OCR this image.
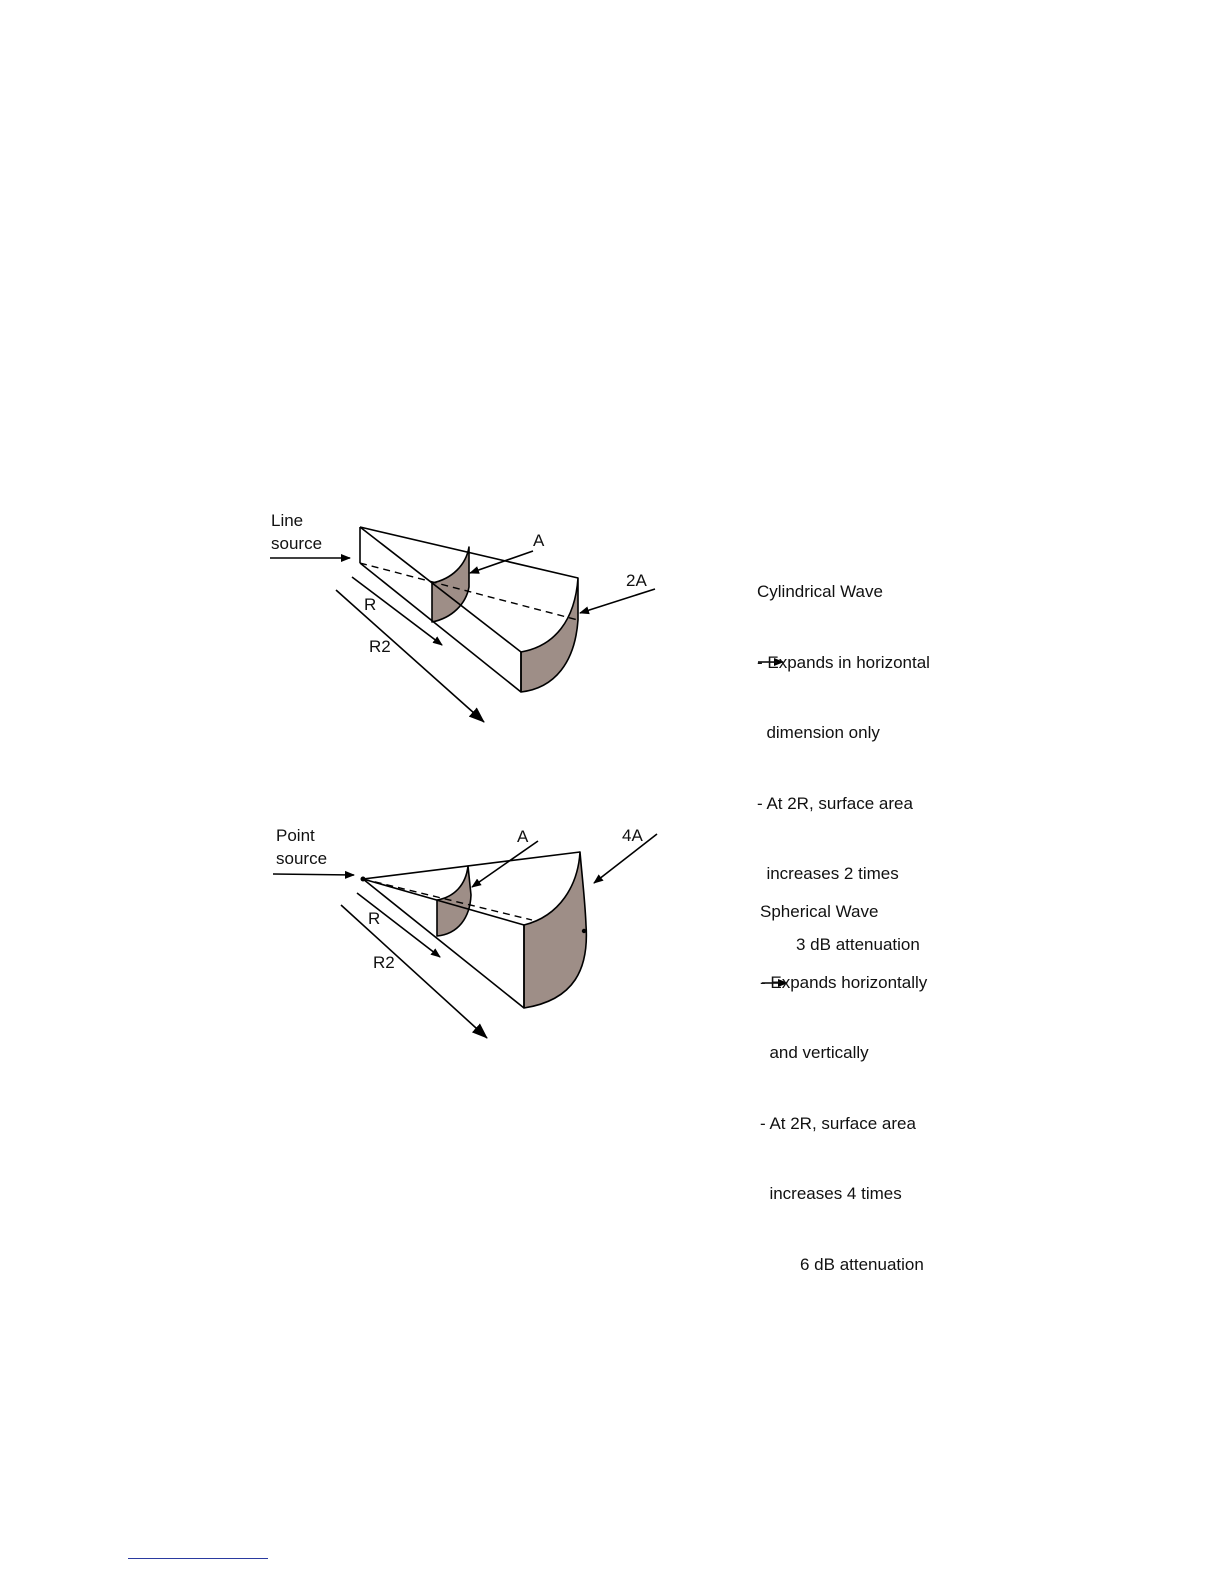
Line
source
R
R2
A
2A
Point
source
R
R2
A	4A

Cylindrical Wave

- Expands in horizontal

dimension only

- At 2R, surface area

increases 2 times

3 dB attenuation

Spherical Wave

- Expands horizontally

and vertically

- At 2R, surface area

increases 4 times

6 dB attenuation
